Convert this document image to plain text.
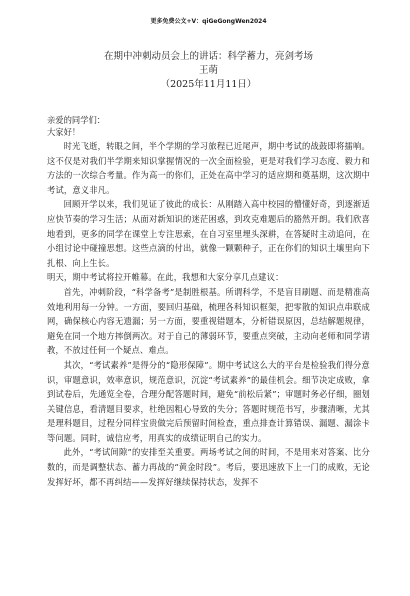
更多免费公文+V：qiGeGongWen2024
在期中冲刺动员会上的讲话：科学蓄力，亮剑考场
王萌
（2025年11月11日）
亲爱的同学们：
大家好！

时光飞逝，转眼之间，半个学期的学习旅程已近尾声，期中考试的战鼓即将擂响。这不仅是对我们半学期来知识掌握情况的一次全面检验，更是对我们学习态度、毅力和方法的一次综合考量。作为高一的你们，正处在高中学习的适应期和奠基期，这次期中考试，意义非凡。

回顾开学以来，我们见证了彼此的成长：从刚踏入高中校园的懵懂好奇，到逐渐适应快节奏的学习生活；从面对新知识的迷茫困惑，到攻克难题后的豁然开朗。我们欣喜地看到，更多的同学在课堂上专注思索，在自习室里埋头深耕，在答疑时主动追问，在小组讨论中碰撞思想。这些点滴的付出，就像一颗颗种子，正在你们的知识土壤里向下扎根、向上生长。

明天，期中考试将拉开帷幕。在此，我想和大家分享几点建议：

首先，冲刺阶段，“科学备考”是制胜根基。所谓科学，不是盲目刷题、而是精准高效地利用每一分钟。一方面，要回归基础，梳理各科知识框架，把零散的知识点串联成网，确保核心内容无遗漏；另一方面，要重视错题本，分析错误原因，总结解题规律，避免在同一个地方摔倒两次。对于自己的薄弱环节，要重点突破，主动向老师和同学请教，不放过任何一个疑点、难点。

其次，“考试素养”是得分的“隐形保障”。期中考试这么大的平台是检验我们得分意识，审题意识，效率意识，规范意识，沉淀“考试素养”的最佳机会。细节决定成败，拿到试卷后，先通览全卷，合理分配答题时间，避免“前松后紧”；审题时务必仔细，圈划关键信息，看清题目要求，杜绝因粗心导致的失分；答题时规范书写，步骤清晰，尤其是理科题目，过程分同样宝贵做完后预留时间检查，重点排查计算错误、漏题、漏涂卡等问题。同时，诚信应考，用真实的成绩证明自己的实力。

此外，“考试间隙”的安排至关重要。两场考试之间的时间，不是用来对答案、比分数的，而是调整状态、蓄力再战的“黄金时段”。考后，要迅速放下上一门的成败，无论发挥好坏，都不再纠结——发挥好继续保持状态，发挥不
